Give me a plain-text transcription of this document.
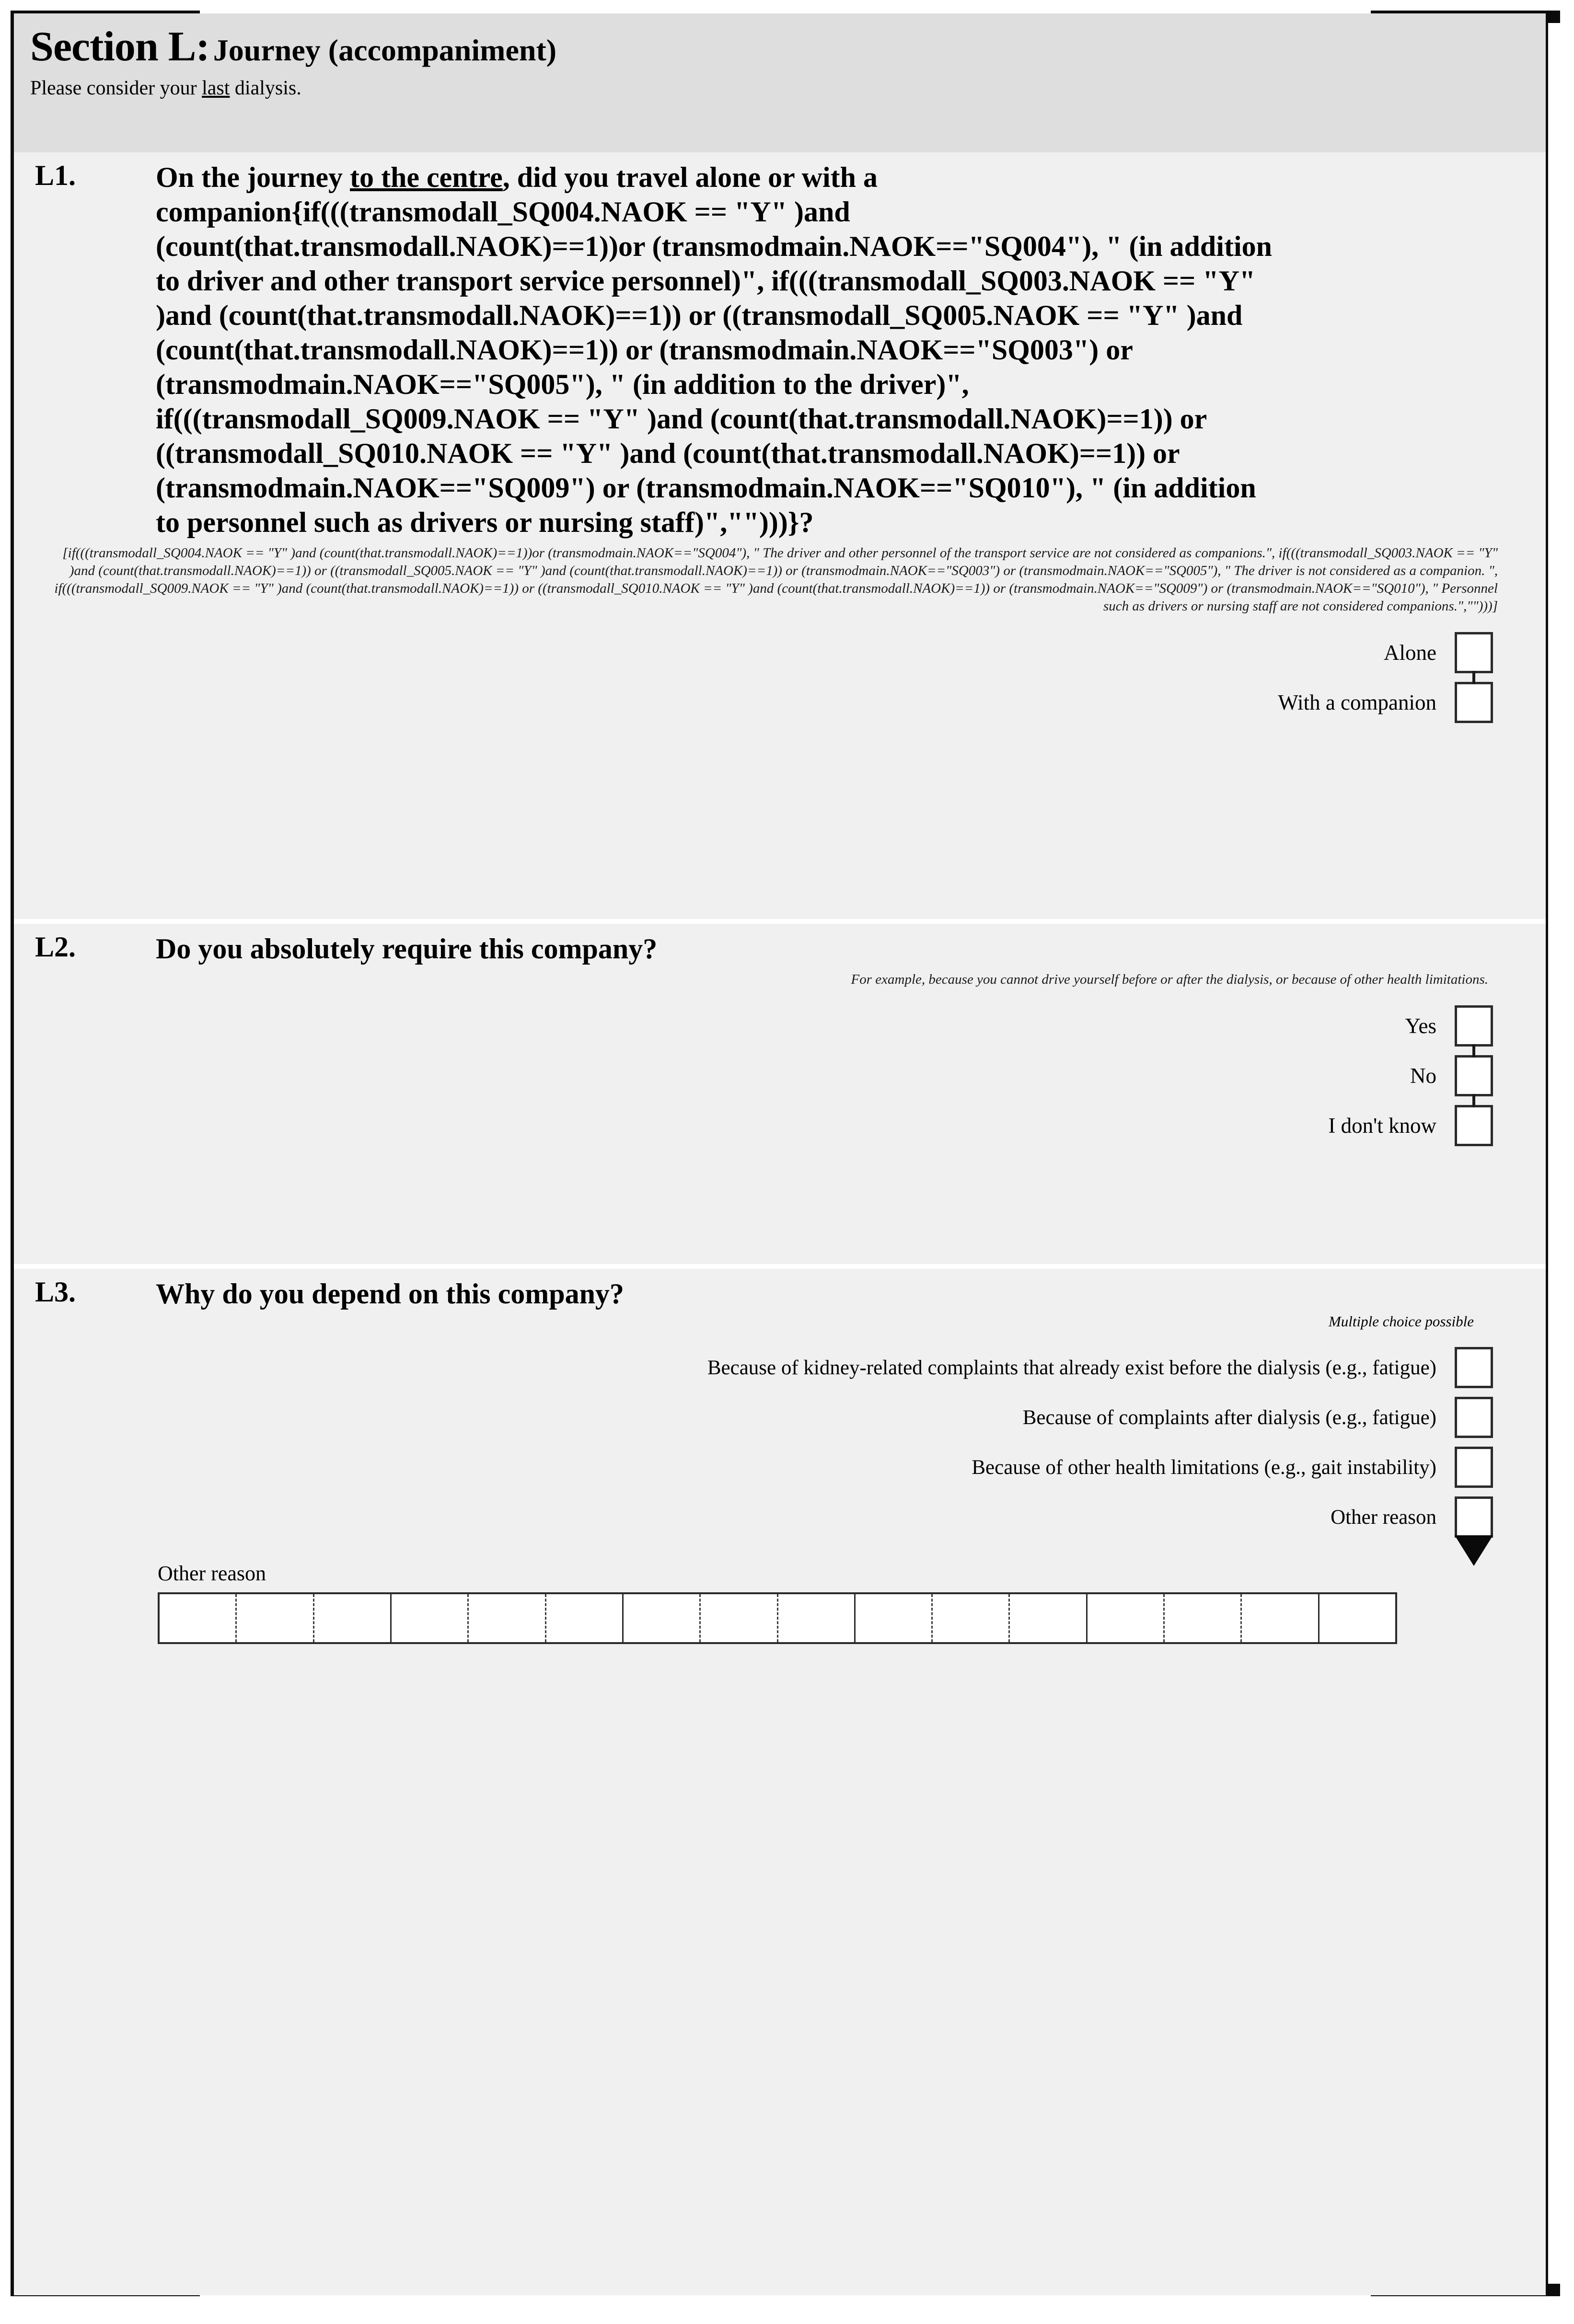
Section L: Journey (accompaniment)
Please consider your last dialysis.
L1.	On the journey to the centre, did you travel alone or with a companion{if(((transmodall_SQ004.NAOK == "Y" )and (count(that.transmodall.NAOK)==1))or (transmodmain.NAOK=="SQ004"), " (in addition to driver and other transport service personnel)", if(((transmodall_SQ003.NAOK == "Y" )and (count(that.transmodall.NAOK)==1)) or ((transmodall_SQ005.NAOK == "Y" )and (count(that.transmodall.NAOK)==1)) or (transmodmain.NAOK=="SQ003") or (transmodmain.NAOK=="SQ005"), " (in addition to the driver)", if(((transmodall_SQ009.NAOK == "Y" )and (count(that.transmodall.NAOK)==1)) or ((transmodall_SQ010.NAOK == "Y" )and (count(that.transmodall.NAOK)==1)) or (transmodmain.NAOK=="SQ009") or (transmodmain.NAOK=="SQ010"), " (in addition to personnel such as drivers or nursing staff)","")))}?
[if(((transmodall_SQ004.NAOK == "Y" )and (count(that.transmodall.NAOK)==1))or (transmodmain.NAOK=="SQ004"), " The driver and other personnel of the transport service are not considered as companions.", if(((transmodall_SQ003.NAOK == "Y" )and (count(that.transmodall.NAOK)==1)) or ((transmodall_SQ005.NAOK == "Y" )and (count(that.transmodall.NAOK)==1)) or (transmodmain.NAOK=="SQ003") or (transmodmain.NAOK=="SQ005"), " The driver is not considered as a companion. ", if(((transmodall_SQ009.NAOK == "Y" )and (count(that.transmodall.NAOK)==1)) or ((transmodall_SQ010.NAOK == "Y" )and (count(that.transmodall.NAOK)==1)) or (transmodmain.NAOK=="SQ009") or (transmodmain.NAOK=="SQ010"), " Personnel such as drivers or nursing staff are not considered companions.","")))]
Alone
With a companion
L2.	Do you absolutely require this company?
For example, because you cannot drive yourself before or after the dialysis, or because of other health limitations.
Yes
No
I don't know
L3.	Why do you depend on this company?
Multiple choice possible
Because of kidney-related complaints that already exist before the dialysis (e.g., fatigue)
Because of complaints after dialysis (e.g., fatigue)
Because of other health limitations (e.g., gait instability)
Other reason
Other reason
